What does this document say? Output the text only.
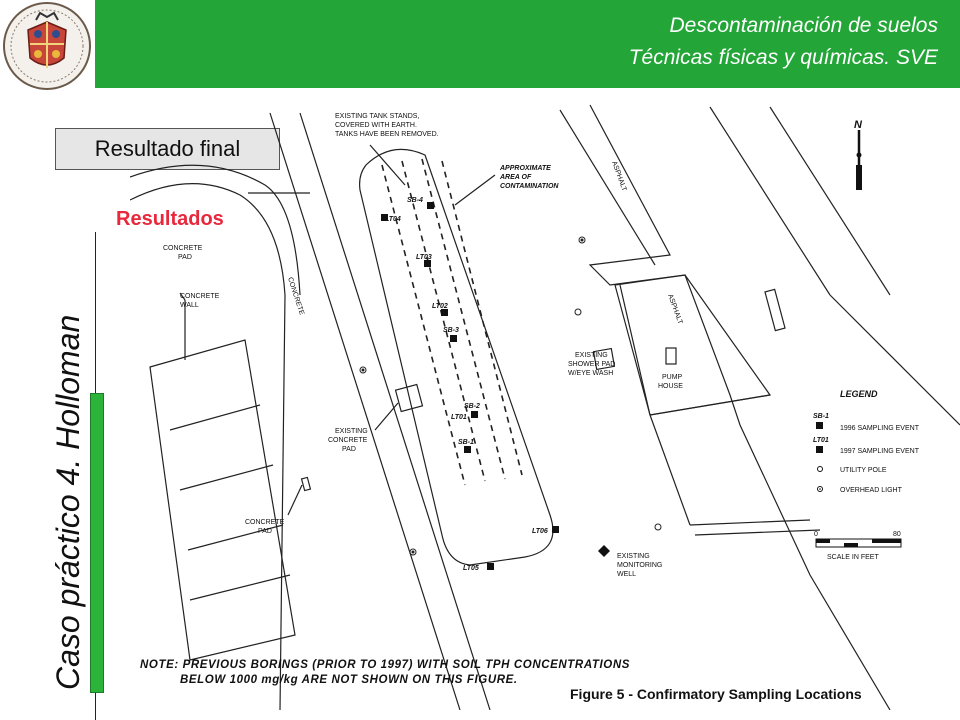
Descontaminación de suelos
Técnicas físicas y químicas. SVE
Resultado final
Resultados
Caso práctico 4. Holloman
EXISTING TANK STANDS,
COVERED WITH EARTH.
TANKS HAVE BEEN REMOVED.
APPROXIMATE
AREA OF
CONTAMINATION
CONCRETE
PAD
CONCRETE
WALL	CONCRETE
EXISTING
CONCRETE
PAD
CONCRETE
PAD
ASPHALT
ASPHALT
EXISTING
SHOWER PAD
W/EYE WASH
PUMP
HOUSE
EXISTING
MONITORING
WELL
SB-4
LT04
LT03
LT02
SB-3
SB-2
LT01
SB-1
LT06
LT05
N
LEGEND
SB-1
1996 SAMPLING EVENT
LT01
1997 SAMPLING EVENT
UTILITY POLE
OVERHEAD LIGHT
0	80
SCALE IN FEET
NOTE: PREVIOUS BORINGS (PRIOR TO 1997) WITH SOIL TPH CONCENTRATIONS
BELOW 1000 mg/kg ARE NOT SHOWN ON THIS FIGURE.
Figure 5 - Confirmatory Sampling Locations
